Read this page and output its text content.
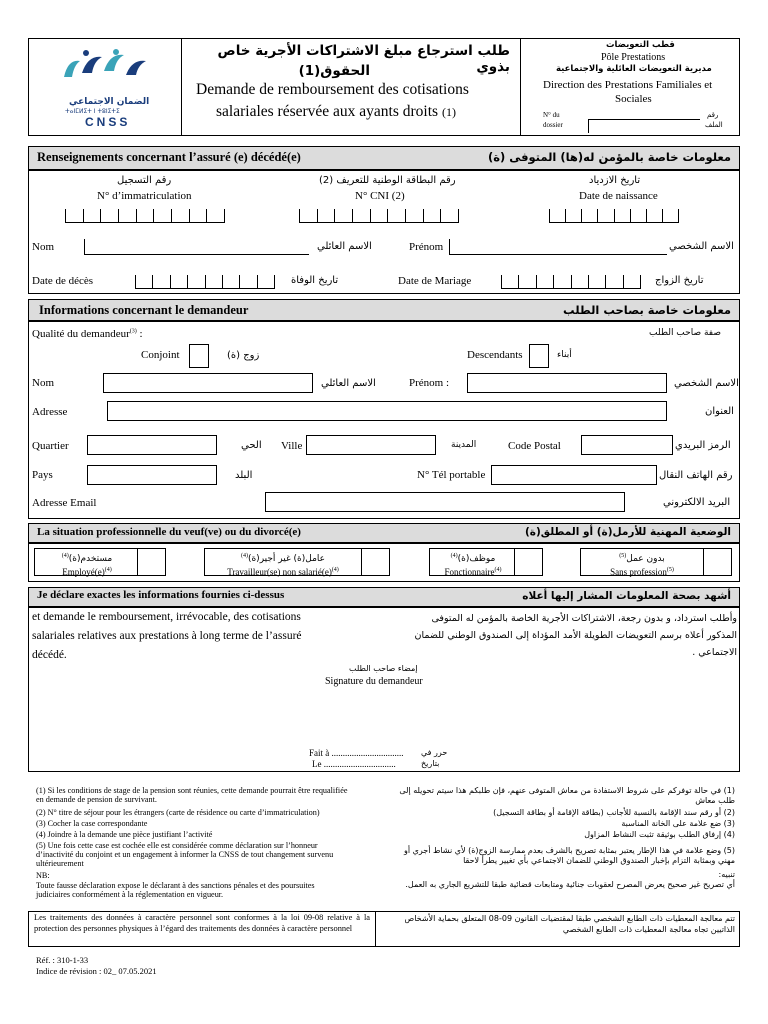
الضمان الاجتماعي
ⵜⴰⵏⵎⵍⵉⵜ ⵏ ⵜⵓⵏⵉⵜⵉ
CNSS
طلب استرجاع مبلغ الاشتراكات الأجرية خاص بذوي
الحقوق(1)
Demande de remboursement des cotisations
salariales réservée aux ayants droits (1)
قطب التعويضات
Pôle Prestations
مديرية التعويضات العائلية والاجتماعية
Direction des Prestations Familiales et
Sociales
N° du
dossier
رقم
الملف
Renseignements concernant l’assuré (e) décédé(e)	معلومات خاصة بالمؤمن له(ها) المتوفى (ة)
رقم التسجيل
N° d’immatriculation
رقم البطاقة الوطنية للتعريف (2)
N° CNI (2)
تاريخ الازدياد
Date de naissance
Nom	الاسم العائلي	Prénom	الاسم الشخصي
Date de décès	تاريخ الوفاة	Date de Mariage	تاريخ الزواج
Informations concernant le demandeur	معلومات خاصة بصاحب الطلب
Qualité du demandeur$^{(3)}$ :	صفة صاحب الطلب
Conjoint	زوج (ة)	Descendants	أبناء
Nom	الاسم العائلي	Prénom :	الاسم الشخصي
Adresse	العنوان
Quartier	الحي Ville	المدينة	Code Postal	الرمز البريدي
Pays	البلد	N° Tél portable	رقم الهاتف النقال
Adresse Email	البريد الالكتروني
La situation professionnelle du veuf(ve) ou du divorcé(e)	الوضعية المهنية للأرمل(ة) أو المطلق(ة)
$^{(4)}$مستخدم(ة)
$Employé(e)^{(4)}$
$^{(4)}$عامل(ة) غير أجير(ة)
Travailleur(se) non $salarié(e)^{(4)}$
$^{(4)}$موظف(ة)
Fonctionnaire$^{(4)}$
$^{(5)}$بدون عمل
Sans profession$^{(5)}$
Je déclare exactes les informations fournies ci-dessus	أشهد بصحة المعلومات المشار إليها أعلاه
et demande le remboursement, irrévocable, des cotisations salariales relatives aux prestations à long terme de l’assuré décédé.
وأطلب استرداد، و بدون رجعة، الاشتراكات الأجرية الخاصة بالمؤمن له المتوفى المذكور أعلاه برسم التعويضات الطويلة الأمد المؤداة إلى الصندوق الوطني للضمان الاجتماعي .
إمضاء صاحب الطلب
Signature du demandeur
Fait à ................................ حرر في
Le ................................	بتاريخ
(1) Si les conditions de stage de la pension sont réunies, cette demande pourrait être requalifiée en demande de pension de survivant.
(2) N° titre de séjour pour les étrangers (carte de résidence ou carte d’immatriculation)
(3) Cocher la case correspondante
(4) Joindre à la demande une pièce justifiant l’activité
(5) Une fois cette case est cochée elle est considérée comme déclaration sur l’honneur d’inactivité du conjoint et un engagement à informer la CNSS de tout changement survenu ultérieurement
NB:
Toute fausse déclaration expose le déclarant à des sanctions pénales et des poursuites judiciaires conformément à la réglementation en vigueur.
(1) في حالة توفركم على شروط الاستفادة من معاش المتوفى عنهم، فإن طلبكم هذا سيتم تحويله إلى طلب معاش
(2) أو رقم سند الإقامة بالنسبة للأجانب (بطاقة الإقامة أو بطاقة التسجيل)
(3) ضع علامة على الخانة المناسبة
(4) إرفاق الطلب بوثيقة تثبت النشاط المزاول
(5) وضع علامة في هذا الإطار يعتبر بمثابة تصريح بالشرف بعدم ممارسة الزوج(ة) لأي نشاط أجري أو مهني وبمثابة التزام بإخبار الصندوق الوطني للضمان الاجتماعي بأي تغيير يطرأ لاحقا
تنبيه:
أي تصريح غير صحيح يعرض المصرح لعقوبات جنائية ومتابعات قضائية طبقا للتشريع الجاري به العمل.
Les traitements des données à caractère personnel sont conformes à la loi 09-08 relative à la protection des personnes physiques à l’égard des traitements des données à caractère personnel
تتم معالجة المعطيات ذات الطابع الشخصي طبقا لمقتضيات القانون 09-08 المتعلق بحماية الأشخاص الذاتيين تجاه معالجة المعطيات ذات الطابع الشخصي
Réf. : 310-1-33
Indice de révision : 02_ 07.05.2021
